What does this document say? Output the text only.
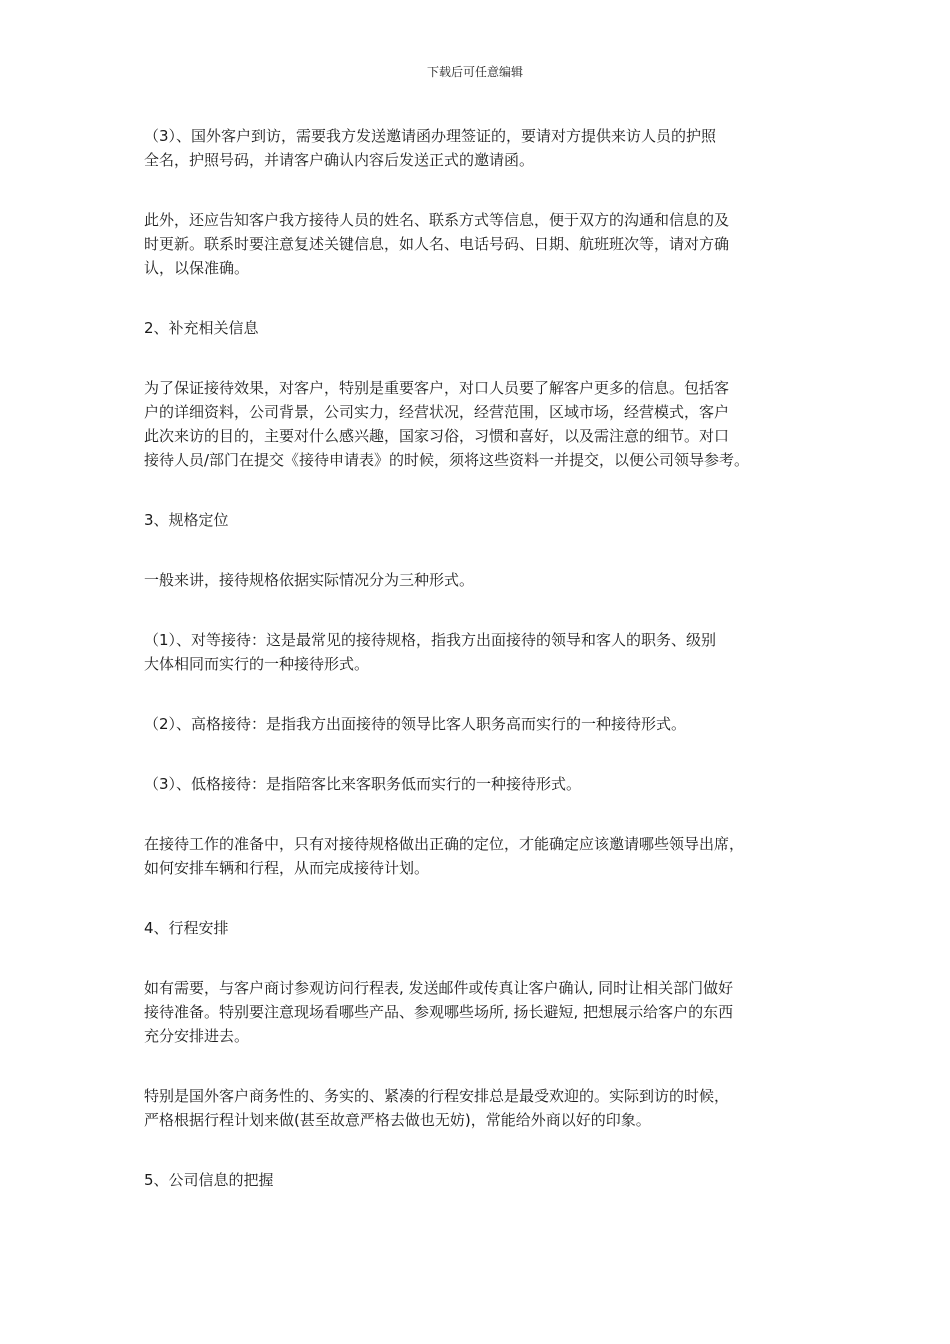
下载后可任意编辑

（3）、国外客户到访，需要我方发送邀请函办理签证的，要请对方提供来访人员的护照
全名，护照号码，并请客户确认内容后发送正式的邀请函。

此外，还应告知客户我方接待人员的姓名、联系方式等信息，便于双方的沟通和信息的及
时更新。联系时要注意复述关键信息，如人名、电话号码、日期、航班班次等，请对方确
认，以保准确。

2、补充相关信息

为了保证接待效果，对客户，特别是重要客户，对口人员要了解客户更多的信息。包括客
户的详细资料，公司背景，公司实力，经营状况，经营范围，区域市场，经营模式，客户
此次来访的目的，主要对什么感兴趣，国家习俗，习惯和喜好，以及需注意的细节。对口
接待人员/部门在提交《接待申请表》的时候，须将这些资料一并提交，以便公司领导参考。

3、规格定位

一般来讲，接待规格依据实际情况分为三种形式。

（1）、对等接待：这是最常见的接待规格，指我方出面接待的领导和客人的职务、级别
大体相同而实行的一种接待形式。

（2）、高格接待：是指我方出面接待的领导比客人职务高而实行的一种接待形式。

（3）、低格接待：是指陪客比来客职务低而实行的一种接待形式。

在接待工作的准备中，只有对接待规格做出正确的定位，才能确定应该邀请哪些领导出席，
如何安排车辆和行程，从而完成接待计划。

4、行程安排

如有需要，与客户商讨参观访问行程表, 发送邮件或传真让客户确认, 同时让相关部门做好
接待准备。特别要注意现场看哪些产品、参观哪些场所, 扬长避短, 把想展示给客户的东西
充分安排进去。

特别是国外客户商务性的、务实的、紧凑的行程安排总是最受欢迎的。实际到访的时候，
严格根据行程计划来做(甚至故意严格去做也无妨)，常能给外商以好的印象。

5、公司信息的把握
